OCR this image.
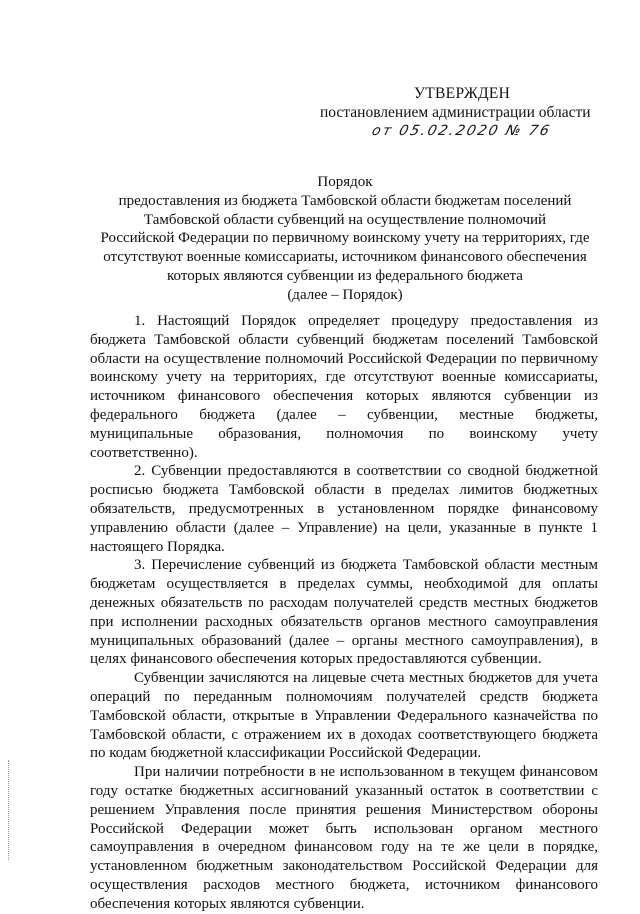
УТВЕРЖДЕН
постановлением администрации области
от 05.02.2020 № 76
Порядок
предоставления из бюджета Тамбовской области бюджетам поселений
Тамбовской области субвенций на осуществление полномочий
Российской Федерации по первичному воинскому учету на территориях, где
отсутствуют военные комиссариаты, источником финансового обеспечения
которых являются субвенции из федерального бюджета
(далее – Порядок)

1. Настоящий Порядок определяет процедуру предоставления из бюджета Тамбовской области субвенций бюджетам поселений Тамбовской области на осуществление полномочий Российской Федерации по первичному воинскому учету на территориях, где отсутствуют военные комиссариаты, источником финансового обеспечения которых являются субвенции из федерального бюджета (далее – субвенции, местные бюджеты, муниципальные образования, полномочия по воинскому учету соответственно).

2. Субвенции предоставляются в соответствии со сводной бюджетной росписью бюджета Тамбовской области в пределах лимитов бюджетных обязательств, предусмотренных в установленном порядке финансовому управлению области (далее – Управление) на цели, указанные в пункте 1 настоящего Порядка.

3. Перечисление субвенций из бюджета Тамбовской области местным бюджетам осуществляется в пределах суммы, необходимой для оплаты денежных обязательств по расходам получателей средств местных бюджетов при исполнении расходных обязательств органов местного самоуправления муниципальных образований (далее – органы местного самоуправления), в целях финансового обеспечения которых предоставляются субвенции.

Субвенции зачисляются на лицевые счета местных бюджетов для учета операций по переданным полномочиям получателей средств бюджета Тамбовской области, открытые в Управлении Федерального казначейства по Тамбовской области, с отражением их в доходах соответствующего бюджета по кодам бюджетной классификации Российской Федерации.

При наличии потребности в не использованном в текущем финансовом году остатке бюджетных ассигнований указанный остаток в соответствии с решением Управления после принятия решения Министерством обороны Российской Федерации может быть использован органом местного самоуправления в очередном финансовом году на те же цели в порядке, установленном бюджетным законодательством Российской Федерации для осуществления расходов местного бюджета, источником финансового обеспечения которых являются субвенции.
